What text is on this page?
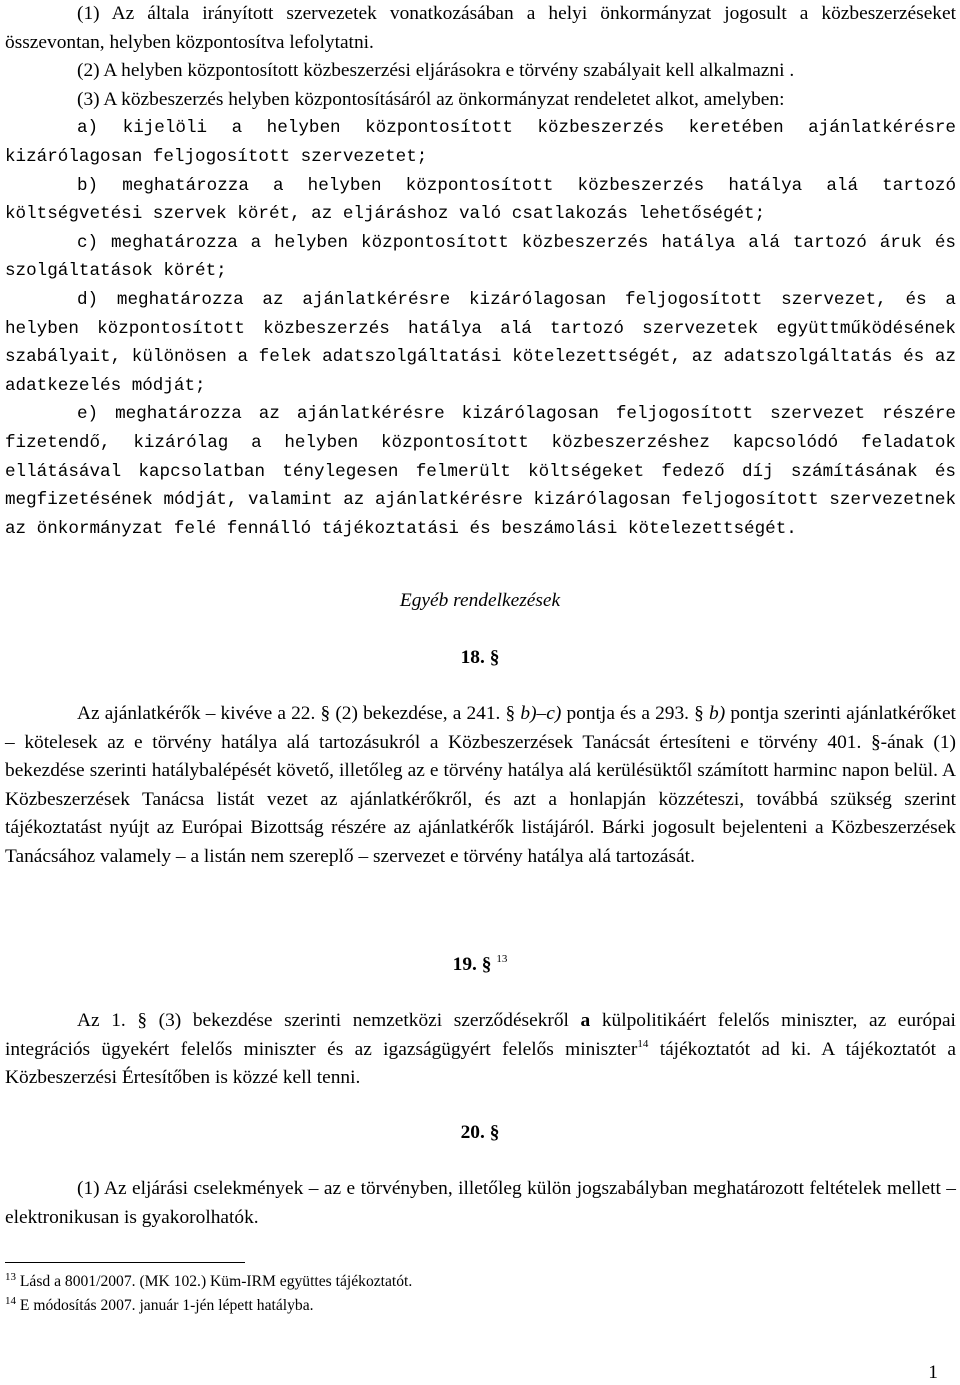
(1) Az általa irányított szervezetek vonatkozásában a helyi önkormányzat jogosult a közbeszerzéseket összevontan, helyben központosítva lefolytatni.

(2) A helyben központosított közbeszerzési eljárásokra e törvény szabályait kell alkalmazni .

(3) A közbeszerzés helyben központosításáról az önkormányzat rendeletet alkot, amelyben:

a) kijelöli a helyben központosított közbeszerzés keretében ajánlatkérésre kizárólagosan feljogosított szervezetet;

b) meghatározza a helyben központosított közbeszerzés hatálya alá tartozó költségvetési szervek körét, az eljáráshoz való csatlakozás lehetőségét;

c) meghatározza a helyben központosított közbeszerzés hatálya alá tartozó áruk és szolgáltatások körét;

d) meghatározza az ajánlatkérésre kizárólagosan feljogosított szervezet, és a helyben központosított közbeszerzés hatálya alá tartozó szervezetek együttműködésének szabályait, különösen a felek adatszolgáltatási kötelezettségét, az adatszolgáltatás és az adatkezelés módját;

e) meghatározza az ajánlatkérésre kizárólagosan feljogosított szervezet részére fizetendő, kizárólag a helyben központosított közbeszerzéshez kapcsolódó feladatok ellátásával kapcsolatban ténylegesen felmerült költségeket fedező díj számításának és megfizetésének módját, valamint az ajánlatkérésre kizárólagosan feljogosított szervezetnek az önkormányzat felé fennálló tájékoztatási és beszámolási kötelezettségét.

Egyéb rendelkezések
18. §

Az ajánlatkérők – kivéve a 22. § (2) bekezdése, a 241. § b)–c) pontja és a 293. § b) pontja szerinti ajánlatkérőket – kötelesek az e törvény hatálya alá tartozásukról a Közbeszerzések Tanácsát értesíteni e törvény 401. §-ának (1) bekezdése szerinti hatálybalépését követő, illetőleg az e törvény hatálya alá kerülésüktől számított harminc napon belül. A Közbeszerzések Tanácsa listát vezet az ajánlatkérőkről, és azt a honlapján közzéteszi, továbbá szükség szerint tájékoztatást nyújt az Európai Bizottság részére az ajánlatkérők listájáról. Bárki jogosult bejelenteni a Közbeszerzések Tanácsához valamely – a listán nem szereplő – szervezet e törvény hatálya alá tartozását.

19. § $^{13}$

Az 1. § (3) bekezdése szerinti nemzetközi szerződésekről a külpolitikáért felelős miniszter, az európai integrációs ügyekért felelős miniszter és az igazságügyért felelős miniszter$^{14}$ tájékoztatót ad ki. A tájékoztatót a Közbeszerzési Értesítőben is közzé kell tenni.

20. §

(1) Az eljárási cselekmények – az e törvényben, illetőleg külön jogszabályban meghatározott feltételek mellett – elektronikusan is gyakorolhatók.

$^{13}$ Lásd a 8001/2007. (MK 102.) Küm-IRM együttes tájékoztatót.
$^{14}$ E módosítás 2007. január 1-jén lépett hatályba.
1
